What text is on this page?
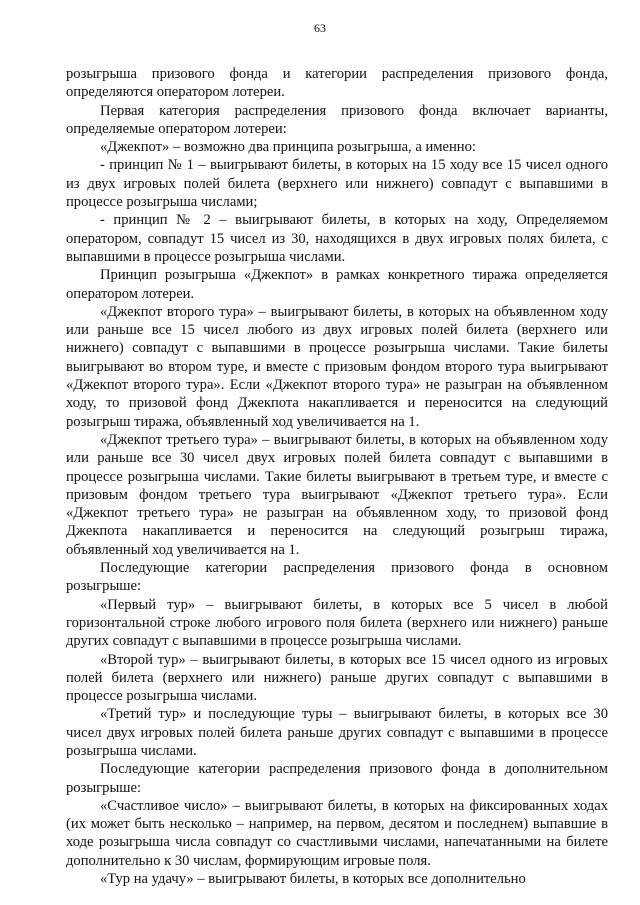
63

розыгрыша призового фонда и категории распределения призового фонда, определяются оператором лотереи.

Первая категория распределения призового фонда включает варианты, определяемые оператором лотереи:

«Джекпот» – возможно два принципа розыгрыша, а именно:

- принцип № 1 – выигрывают билеты, в которых на 15 ходу все 15 чисел одного из двух игровых полей билета (верхнего или нижнего) совпадут с выпавшими в процессе розыгрыша числами;

- принцип № 2 – выигрывают билеты, в которых на ходу, Определяемом оператором, совпадут 15 чисел из 30, находящихся в двух игровых полях билета, с выпавшими в процессе розыгрыша числами.

Принцип розыгрыша «Джекпот» в рамках конкретного тиража определяется оператором лотереи.

«Джекпот второго тура» – выигрывают билеты, в которых на объявленном ходу или раньше все 15 чисел любого из двух игровых полей билета (верхнего или нижнего) совпадут с выпавшими в процессе розыгрыша числами. Такие билеты выигрывают во втором туре, и вместе с призовым фондом второго тура выигрывают «Джекпот второго тура». Если «Джекпот второго тура» не разыгран на объявленном ходу, то призовой фонд Джекпота накапливается и переносится на следующий розыгрыш тиража, объявленный ход увеличивается на 1.

«Джекпот третьего тура» – выигрывают билеты, в которых на объявленном ходу или раньше все 30 чисел двух игровых полей билета совпадут с выпавшими в процессе розыгрыша числами. Такие билеты выигрывают в третьем туре, и вместе с призовым фондом третьего тура выигрывают «Джекпот третьего тура». Если «Джекпот третьего тура» не разыгран на объявленном ходу, то призовой фонд Джекпота накапливается и переносится на следующий розыгрыш тиража, объявленный ход увеличивается на 1.

Последующие категории распределения призового фонда в основном розыгрыше:

«Первый тур» – выигрывают билеты, в которых все 5 чисел в любой горизонтальной строке любого игрового поля билета (верхнего или нижнего) раньше других совпадут с выпавшими в процессе розыгрыша числами.

«Второй тур» – выигрывают билеты, в которых все 15 чисел одного из игровых полей билета (верхнего или нижнего) раньше других совпадут с выпавшими в процессе розыгрыша числами.

«Третий тур» и последующие туры – выигрывают билеты, в которых все 30 чисел двух игровых полей билета раньше других совпадут с выпавшими в процессе розыгрыша числами.

Последующие категории распределения призового фонда в дополнительном розыгрыше:

«Счастливое число» – выигрывают билеты, в которых на фиксированных ходах (их может быть несколько – например, на первом, десятом и последнем) выпавшие в ходе розыгрыша числа совпадут со счастливыми числами, напечатанными на билете дополнительно к 30 числам, формирующим игровые поля.

«Тур на удачу» – выигрывают билеты, в которых все дополнительно
